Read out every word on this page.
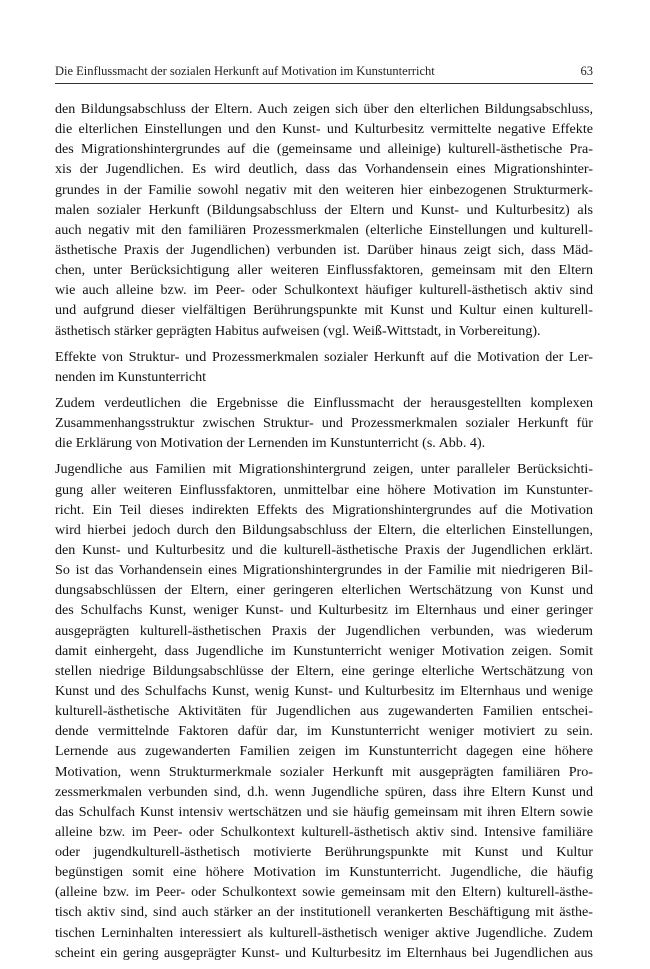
Die Einflussmacht der sozialen Herkunft auf Motivation im Kunstunterricht	63
den Bildungsabschluss der Eltern. Auch zeigen sich über den elterlichen Bildungsabschluss,
die elterlichen Einstellungen und den Kunst- und Kulturbesitz vermittelte negative Effekte
des Migrationshintergrundes auf die (gemeinsame und alleinige) kulturell-ästhetische Pra-
xis der Jugendlichen. Es wird deutlich, dass das Vorhandensein eines Migrationshinter-
grundes in der Familie sowohl negativ mit den weiteren hier einbezogenen Strukturmerk-
malen sozialer Herkunft (Bildungsabschluss der Eltern und Kunst- und Kulturbesitz) als
auch negativ mit den familiären Prozessmerkmalen (elterliche Einstellungen und kulturell-
ästhetische Praxis der Jugendlichen) verbunden ist. Darüber hinaus zeigt sich, dass Mäd-
chen, unter Berücksichtigung aller weiteren Einflussfaktoren, gemeinsam mit den Eltern
wie auch alleine bzw. im Peer- oder Schulkontext häufiger kulturell-ästhetisch aktiv sind
und aufgrund dieser vielfältigen Berührungspunkte mit Kunst und Kultur einen kulturell-
ästhetisch stärker geprägten Habitus aufweisen (vgl. Weiß-Wittstadt, in Vorbereitung).
Effekte von Struktur- und Prozessmerkmalen sozialer Herkunft auf die Motivation der Ler-
nenden im Kunstunterricht
Zudem verdeutlichen die Ergebnisse die Einflussmacht der herausgestellten komplexen
Zusammenhangsstruktur zwischen Struktur- und Prozessmerkmalen sozialer Herkunft für
die Erklärung von Motivation der Lernenden im Kunstunterricht (s. Abb. 4).
Jugendliche aus Familien mit Migrationshintergrund zeigen, unter paralleler Berücksichti-
gung aller weiteren Einflussfaktoren, unmittelbar eine höhere Motivation im Kunstunter-
richt. Ein Teil dieses indirekten Effekts des Migrationshintergrundes auf die Motivation
wird hierbei jedoch durch den Bildungsabschluss der Eltern, die elterlichen Einstellungen,
den Kunst- und Kulturbesitz und die kulturell-ästhetische Praxis der Jugendlichen erklärt.
So ist das Vorhandensein eines Migrationshintergrundes in der Familie mit niedrigeren Bil-
dungsabschlüssen der Eltern, einer geringeren elterlichen Wertschätzung von Kunst und
des Schulfachs Kunst, weniger Kunst- und Kulturbesitz im Elternhaus und einer geringer
ausgeprägten kulturell-ästhetischen Praxis der Jugendlichen verbunden, was wiederum
damit einhergeht, dass Jugendliche im Kunstunterricht weniger Motivation zeigen. Somit
stellen niedrige Bildungsabschlüsse der Eltern, eine geringe elterliche Wertschätzung von
Kunst und des Schulfachs Kunst, wenig Kunst- und Kulturbesitz im Elternhaus und wenige
kulturell-ästhetische Aktivitäten für Jugendlichen aus zugewanderten Familien entschei-
dende vermittelnde Faktoren dafür dar, im Kunstunterricht weniger motiviert zu sein.
Lernende aus zugewanderten Familien zeigen im Kunstunterricht dagegen eine höhere
Motivation, wenn Strukturmerkmale sozialer Herkunft mit ausgeprägten familiären Pro-
zessmerkmalen verbunden sind, d.h. wenn Jugendliche spüren, dass ihre Eltern Kunst und
das Schulfach Kunst intensiv wertschätzen und sie häufig gemeinsam mit ihren Eltern sowie
alleine bzw. im Peer- oder Schulkontext kulturell-ästhetisch aktiv sind. Intensive familiäre
oder jugendkulturell-ästhetisch motivierte Berührungspunkte mit Kunst und Kultur
begünstigen somit eine höhere Motivation im Kunstunterricht. Jugendliche, die häufig
(alleine bzw. im Peer- oder Schulkontext sowie gemeinsam mit den Eltern) kulturell-ästhe-
tisch aktiv sind, sind auch stärker an der institutionell verankerten Beschäftigung mit ästhe-
tischen Lerninhalten interessiert als kulturell-ästhetisch weniger aktive Jugendliche. Zudem
scheint ein gering ausgeprägter Kunst- und Kulturbesitz im Elternhaus bei Jugendlichen aus
